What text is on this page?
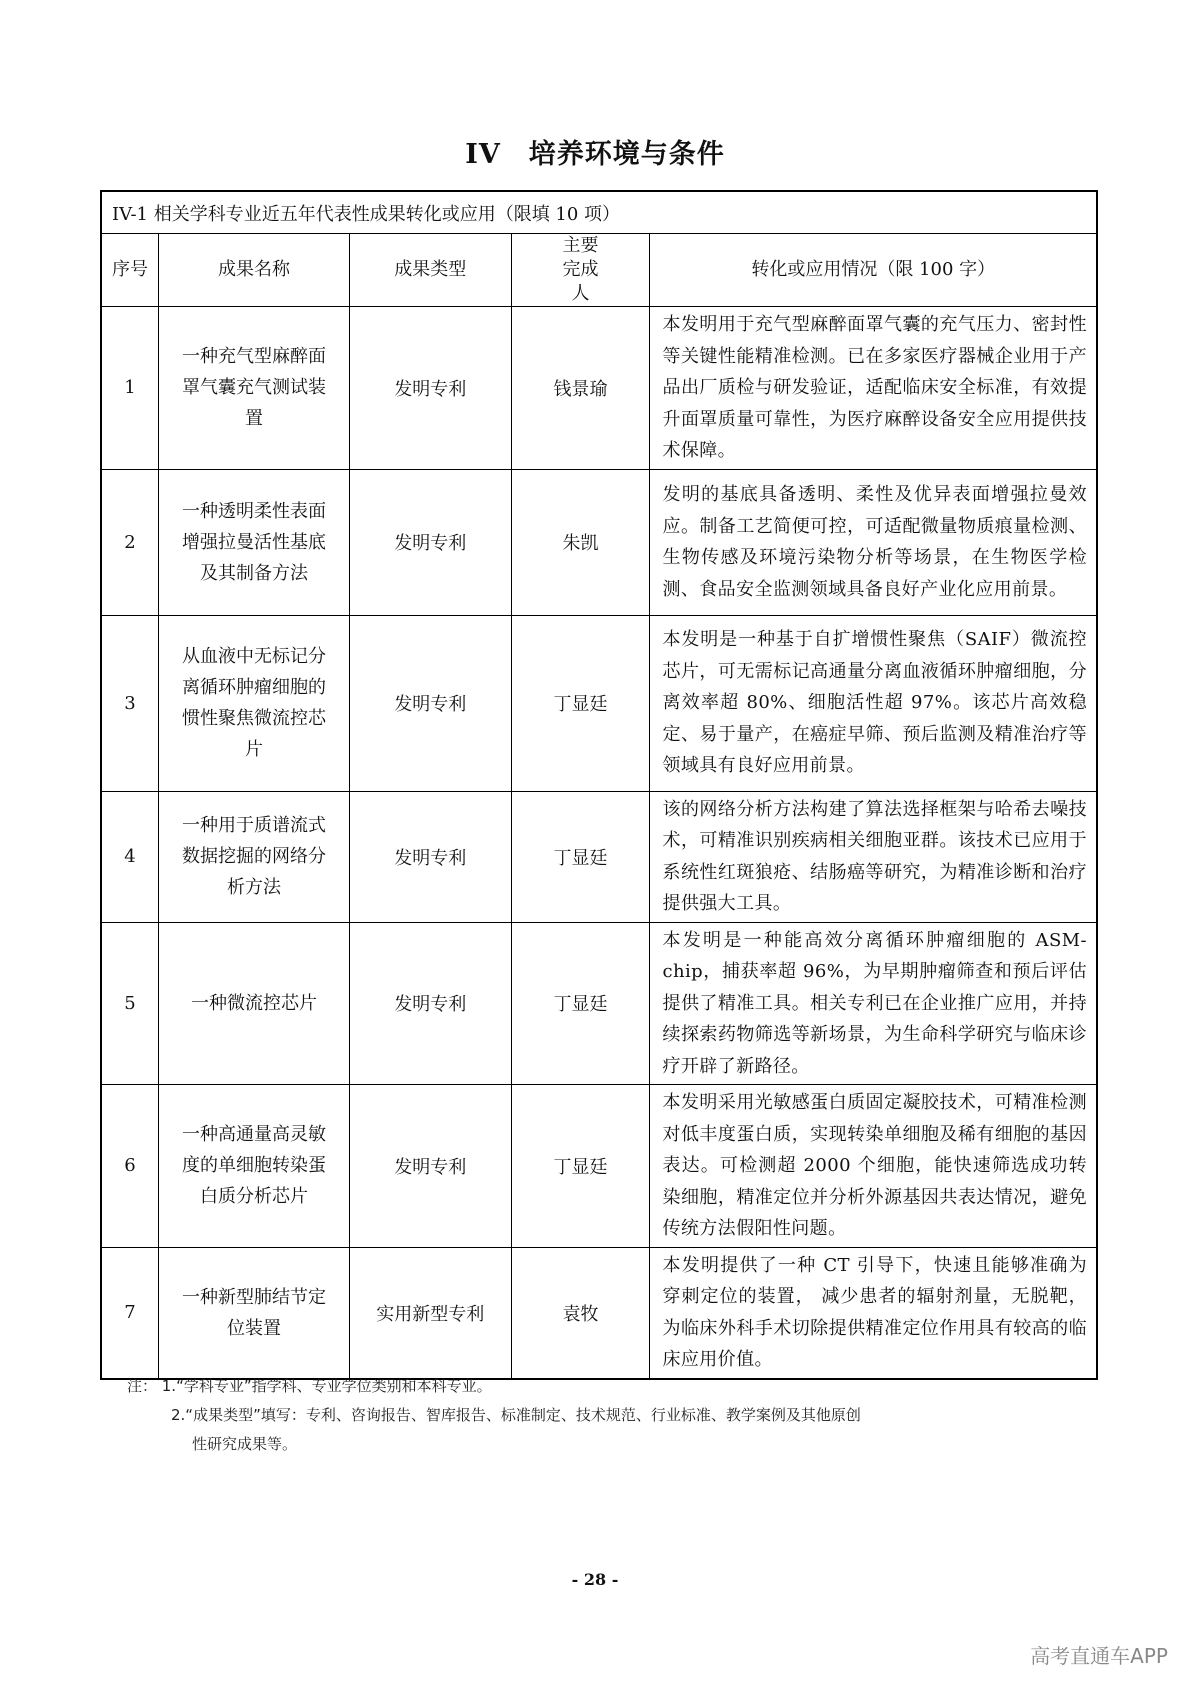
IV 培养环境与条件
IV-1 相关学科专业近五年代表性成果转化或应用（限填 10 项）				
序号	成果名称	成果类型	主要完成人	转化或应用情况（限 100 字）
1	一种充气型麻醉面罩气囊充气测试装置	发明专利	钱景瑜	本发明用于充气型麻醉面罩气囊的充气压力、密封性等关键性能精准检测。已在多家医疗器械企业用于产品出厂质检与研发验证，适配临床安全标准，有效提升面罩质量可靠性，为医疗麻醉设备安全应用提供技术保障。
2	一种透明柔性表面增强拉曼活性基底及其制备方法	发明专利	朱凯	发明的基底具备透明、柔性及优异表面增强拉曼效应。制备工艺简便可控，可适配微量物质痕量检测、生物传感及环境污染物分析等场景，在生物医学检测、食品安全监测领域具备良好产业化应用前景。
3	从血液中无标记分离循环肿瘤细胞的惯性聚焦微流控芯片	发明专利	丁显廷	本发明是一种基于自扩增惯性聚焦（SAIF）微流控芯片，可无需标记高通量分离血液循环肿瘤细胞，分离效率超 80%、细胞活性超 97%。该芯片高效稳定、易于量产，在癌症早筛、预后监测及精准治疗等领域具有良好应用前景。
4	一种用于质谱流式数据挖掘的网络分析方法	发明专利	丁显廷	该的网络分析方法构建了算法选择框架与哈希去噪技术，可精准识别疾病相关细胞亚群。该技术已应用于系统性红斑狼疮、结肠癌等研究，为精准诊断和治疗提供强大工具。
5	一种微流控芯片	发明专利	丁显廷	本发明是一种能高效分离循环肿瘤细胞的 ASM-chip，捕获率超 96%，为早期肿瘤筛查和预后评估提供了精准工具。相关专利已在企业推广应用，并持续探索药物筛选等新场景，为生命科学研究与临床诊疗开辟了新路径。
6	一种高通量高灵敏度的单细胞转染蛋白质分析芯片	发明专利	丁显廷	本发明采用光敏感蛋白质固定凝胶技术，可精准检测对低丰度蛋白质，实现转染单细胞及稀有细胞的基因表达。可检测超 2000 个细胞，能快速筛选成功转染细胞，精准定位并分析外源基因共表达情况，避免传统方法假阳性问题。
7	一种新型肺结节定位装置	实用新型专利	袁牧	本发明提供了一种 CT 引导下，快速且能够准确为穿刺定位的装置， 减少患者的辐射剂量，无脱靶，为临床外科手术切除提供精准定位作用具有较高的临床应用价值。
注： 1.“学科专业”指学科、专业学位类别和本科专业。
2.“成果类型”填写：专利、咨询报告、智库报告、标准制定、技术规范、行业标准、教学案例及其他原创
性研究成果等。
- 28 -
高考直通车APP
